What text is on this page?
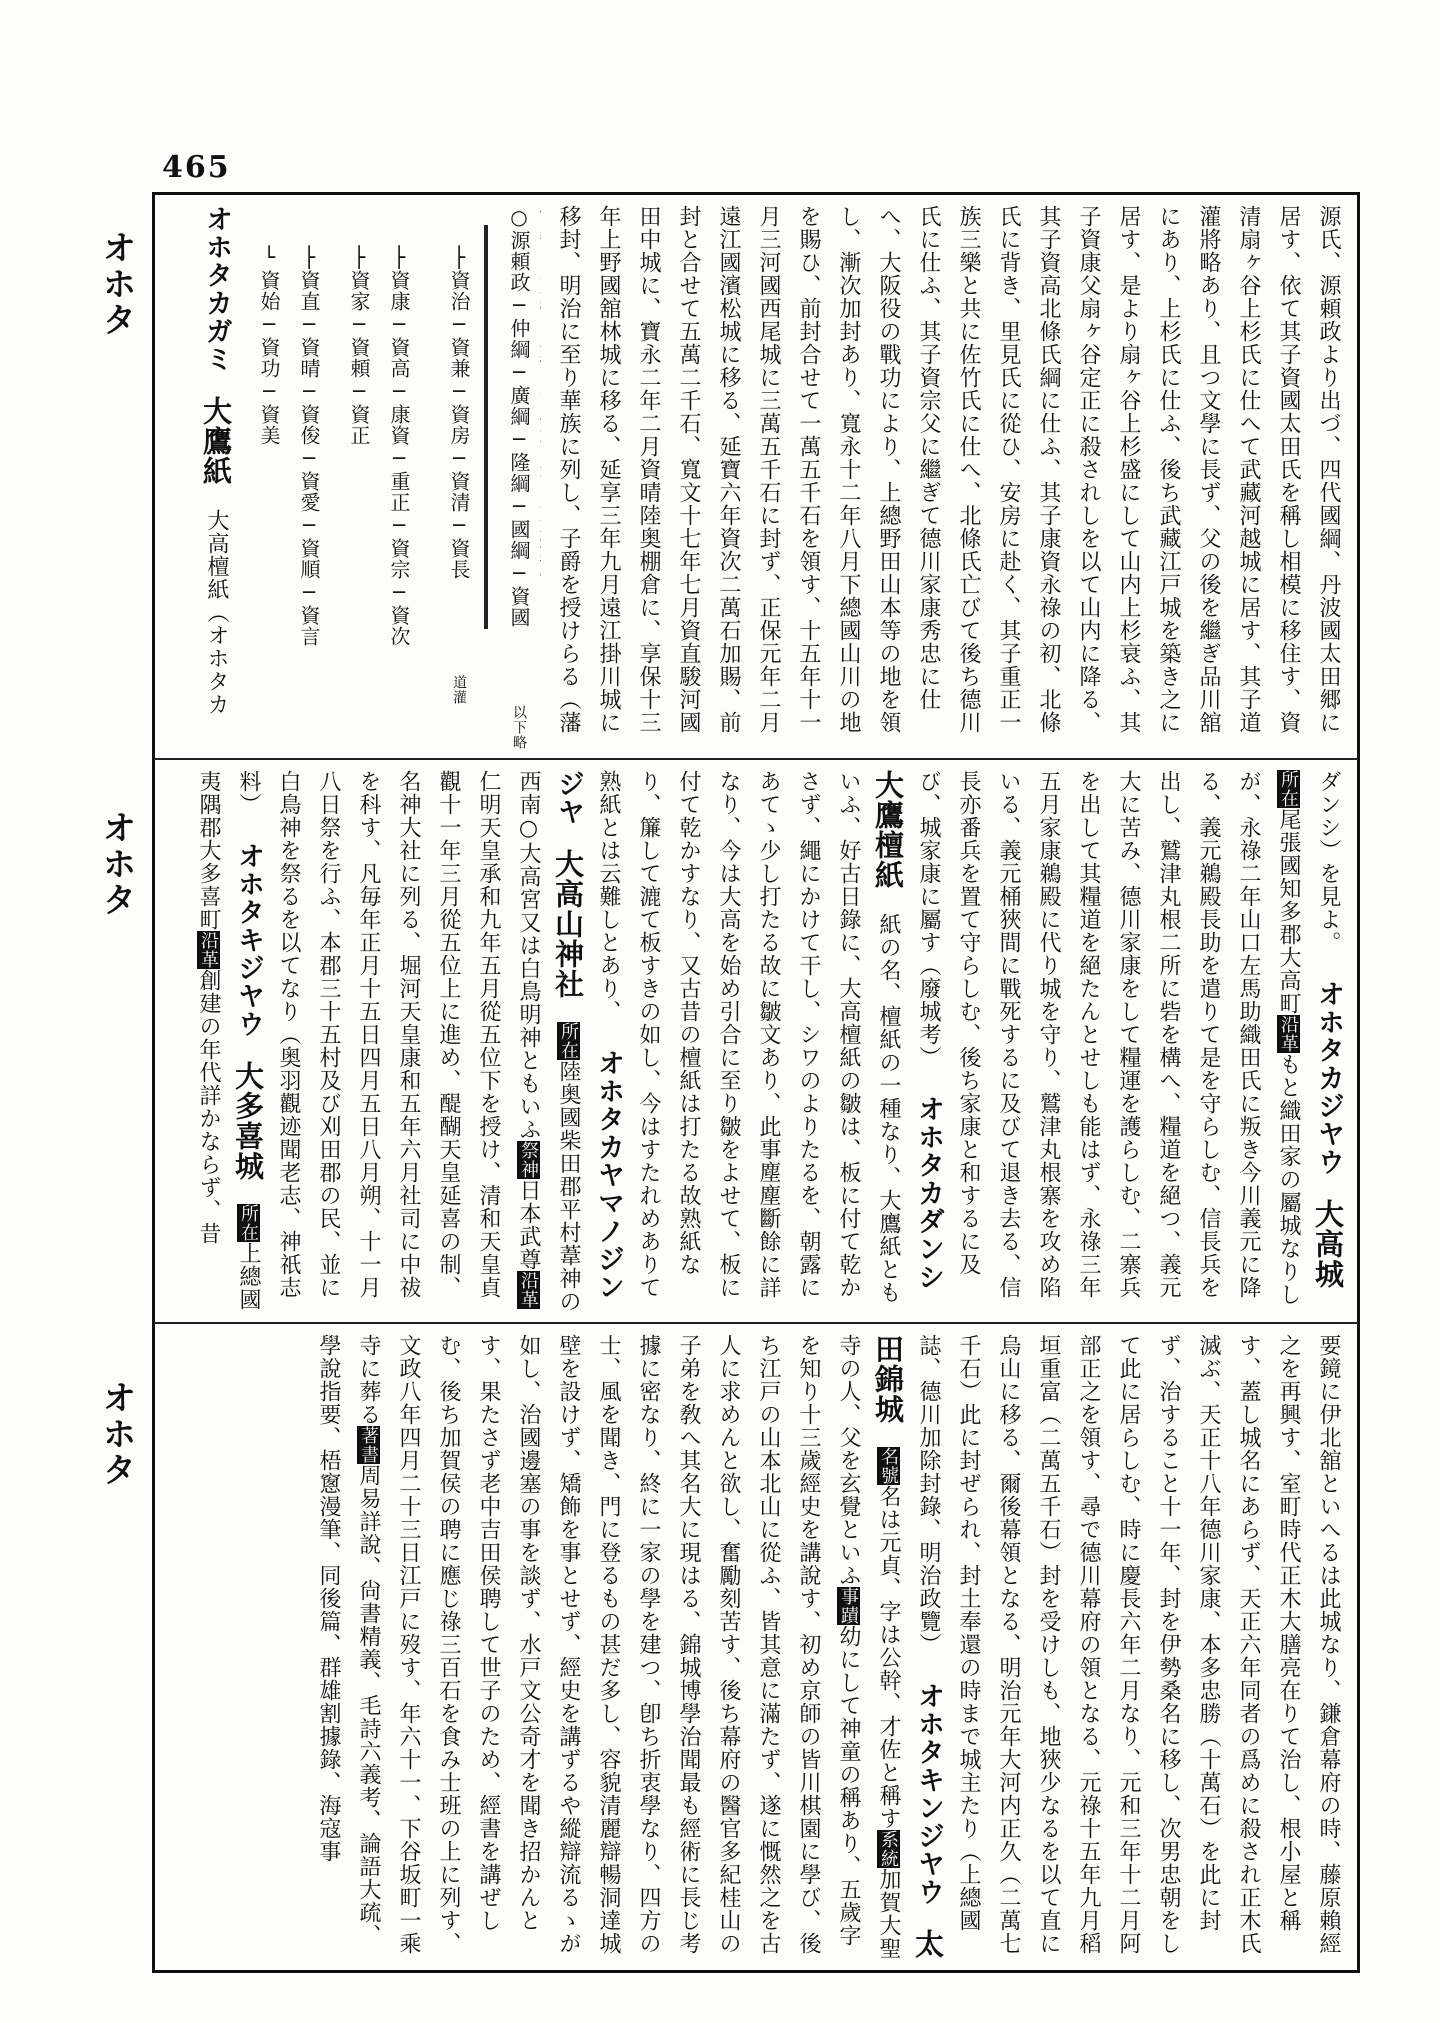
465
オホタ
オホタ
オホタ
源氏、源頼政より出づ、四代國綱、丹波國太田郷に居す、依て其子資國太田氏を稱し相模に移住す、資清扇ヶ谷上杉氏に仕へて武藏河越城に居す、其子道灌將略あり、且つ文學に長ず、父の後を繼ぎ品川舘にあり、上杉氏に仕ふ、後ち武藏江戸城を築き之に居す、是より扇ヶ谷上杉盛にして山内上杉衰ふ、其子資康父扇ヶ谷定正に殺されしを以て山内に降る、其子資高北條氏綱に仕ふ、其子康資永祿の初、北條氏に背き、里見氏に從ひ、安房に赴く、其子重正一族三樂と共に佐竹氏に仕へ、北條氏亡びて後ち德川氏に仕ふ、其子資宗父に繼ぎて德川家康秀忠に仕へ、大阪役の戰功により、上總野田山本等の地を領し、漸次加封あり、寬永十二年八月下總國山川の地を賜ひ、前封合せて一萬五千石を領す、十五年十一月三河國西尾城に三萬五千石に封ず、正保元年二月遠江國濱松城に移る、延寶六年資次二萬石加賜、前封と合せて五萬二千石、寬文十七年七月資直駿河國田中城に、寶永二年二月資晴陸奥棚倉に、享保十三年上野國舘林城に移る、延享三年九月遠江掛川城に移封、明治に至り華族に列し、子爵を授けらる（藩
○源頼政─仲綱─廣綱─隆綱─國綱─資國
以下略
├資治─資兼─資房─資清─資長
道灌
├資康─資高─康資─重正─資宗─資次
├資家─資頼─資正
├資直─資晴─資俊─資愛─資順─資言
└資始─資功─資美
オホタカガミ　大鷹紙　大高檀紙（オホタカ
ダンシ）を見よ。 オホタカジヤウ　大高城　所在尾張國知多郡大高町沿革もと織田家の屬城なりしが、永祿二年山口左馬助織田氏に叛き今川義元に降る、義元鵜殿長助を遣りて是を守らしむ、信長兵を出し、鷲津丸根二所に砦を構へ、糧道を絕つ、義元大に苦み、德川家康をして糧運を護らしむ、二寨兵を出して其糧道を絕たんとせしも能はず、永祿三年五月家康鵜殿に代り城を守り、鷲津丸根寨を攻め陷いる、義元桶狹間に戰死するに及びて退き去る、信長亦番兵を置て守らしむ、後ち家康と和するに及び、城家康に屬す（廢城考） オホタカダンシ　大鷹檀紙　紙の名、檀紙の一種なり、大鷹紙ともいふ、好古日錄に、大高檀紙の皺は、板に付て乾かさず、繩にかけて干し、シワのよりたるを、朝露にあてゝ少し打たる故に皺文あり、此事塵塵斷餘に詳なり、今は大高を始め引合に至り皺をよせて、板に付て乾かすなり、又古昔の檀紙は打たる故熟紙なり、簾して漉て板すきの如し、今はすたれめありて熟紙とは云難しとあり、 オホタカヤマノジンジヤ　大高山神社　所在陸奥國柴田郡平村葦神の西南○大高宮又は白鳥明神ともいふ祭神日本武尊沿革仁明天皇承和九年五月從五位下を授け、清和天皇貞觀十一年三月從五位上に進め、醍醐天皇延喜の制、名神大社に列る、堀河天皇康和五年六月社司に中祓を科す、凡毎年正月十五日四月五日八月朔、十一月八日祭を行ふ、本郡三十五村及び刈田郡の民、並に白鳥神を祭るを以てなり（奥羽觀迹聞老志、神祇志料） オホタキジヤウ　大多喜城　所在上總國夷隅郡大多喜町沿革創建の年代詳かならず、昔
要鏡に伊北舘といへるは此城なり、鎌倉幕府の時、藤原賴經之を再興す、室町時代正木大膳亮在りて治し、根小屋と稱す、蓋し城名にあらず、天正六年同者の爲めに殺され正木氏滅ぶ、天正十八年德川家康、本多忠勝（十萬石）を此に封ず、治すること十一年、封を伊勢桑名に移し、次男忠朝をして此に居らしむ、時に慶長六年二月なり、元和三年十二月阿部正之を領す、尋で德川幕府の領となる、元祿十五年九月稻垣重富（二萬五千石）封を受けしも、地狹少なるを以て直に烏山に移る、爾後幕領となる、明治元年大河内正久（二萬七千石）此に封ぜられ、封土奉還の時まで城主たり（上總國誌、德川加除封錄、明治政覽） オホタキンジヤウ　太田錦城　名號名は元貞、字は公幹、才佐と稱す系統加賀大聖寺の人、父を玄覺といふ事蹟幼にして神童の稱あり、五歲字を知り十三歲經史を講說す、初め京師の皆川棋園に學び、後ち江戸の山本北山に從ふ、皆其意に滿たず、遂に慨然之を古人に求めんと欲し、奮勵刻苦す、後ち幕府の醫官多紀桂山の子弟を敎へ其名大に現はる、錦城博學治聞最も經術に長じ考據に密なり、終に一家の學を建つ、卽ち折衷學なり、四方の士、風を聞き、門に登るもの甚だ多し、容貌清麗辯暢洞達城壁を設けず、矯飾を事とせず、經史を講ずるや縱辯流るゝが如し、治國邊塞の事を談ず、水戸文公奇才を聞き招かんとす、果たさず老中吉田侯聘して世子のため、經書を講ぜしむ、後ち加賀侯の聘に應じ祿三百石を食み士班の上に列す、文政八年四月二十三日江戸に歿す、年六十一、下谷坂町一乘寺に葬る著書周易詳說、尙書精義、毛詩六義考、論語大疏、學說指要、梧窻漫筆、同後篇、群雄割據錄、海寇事
